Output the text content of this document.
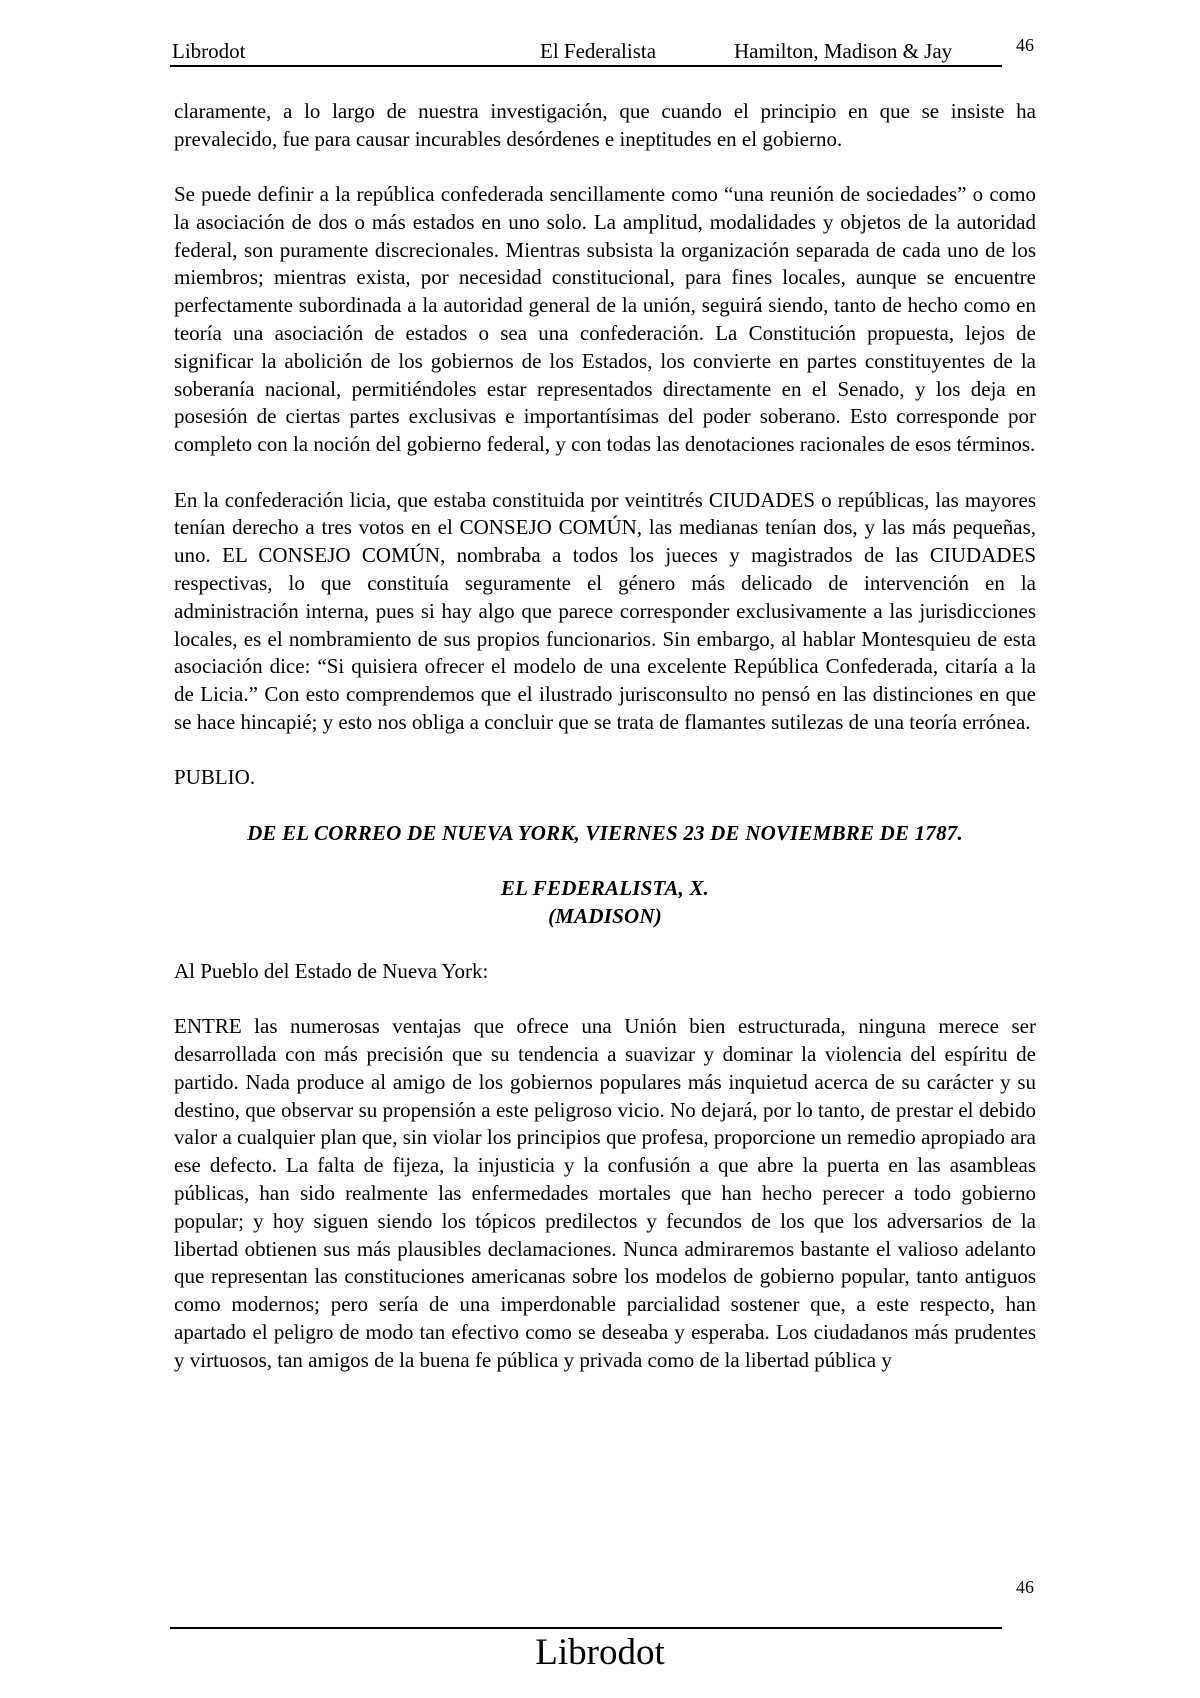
Librodot	El Federalista	Hamilton, Madison & Jay	46

claramente, a lo largo de nuestra investigación, que cuando el principio en que se insiste ha prevalecido, fue para causar incurables desórdenes e ineptitudes en el gobierno.

Se puede definir a la república confederada sencillamente como “una reunión de sociedades” o como la asociación de dos o más estados en uno solo. La amplitud, modalidades y objetos de la autoridad federal, son puramente discrecionales. Mientras subsista la organización separada de cada uno de los miembros; mientras exista, por necesidad constitucional, para fines locales, aunque se encuentre perfectamente subordinada a la autoridad general de la unión, seguirá siendo, tanto de hecho como en teoría una asociación de estados o sea una confederación. La Constitución propuesta, lejos de significar la abolición de los gobiernos de los Estados, los convierte en partes constituyentes de la soberanía nacional, permitiéndoles estar representados directamente en el Senado, y los deja en posesión de ciertas partes exclusivas e importantísimas del poder soberano. Esto corresponde por completo con la noción del gobierno federal, y con todas las denotaciones racionales de esos términos.

En la confederación licia, que estaba constituida por veintitrés CIUDADES o repúblicas, las mayores tenían derecho a tres votos en el CONSEJO COMÚN, las medianas tenían dos, y las más pequeñas, uno. EL CONSEJO COMÚN, nombraba a todos los jueces y magistrados de las CIUDADES respectivas, lo que constituía seguramente el género más delicado de intervención en la administración interna, pues si hay algo que parece corresponder exclusivamente a las jurisdicciones locales, es el nombramiento de sus propios funcionarios. Sin embargo, al hablar Montesquieu de esta asociación dice: “Si quisiera ofrecer el modelo de una excelente República Confederada, citaría a la de Licia.” Con esto comprendemos que el ilustrado jurisconsulto no pensó en las distinciones en que se hace hincapié; y esto nos obliga a concluir que se trata de flamantes sutilezas de una teoría errónea.

PUBLIO.

DE EL CORREO DE NUEVA YORK, VIERNES 23 DE NOVIEMBRE DE 1787.

EL FEDERALISTA, X.
(MADISON)

Al Pueblo del Estado de Nueva York:

ENTRE las numerosas ventajas que ofrece una Unión bien estructurada, ninguna merece ser desarrollada con más precisión que su tendencia a suavizar y dominar la violencia del espíritu de partido. Nada produce al amigo de los gobiernos populares más inquietud acerca de su carácter y su destino, que observar su propensión a este peligroso vicio. No dejará, por lo tanto, de prestar el debido valor a cualquier plan que, sin violar los principios que profesa, proporcione un remedio apropiado ara ese defecto. La falta de fijeza, la injusticia y la confusión a que abre la puerta en las asambleas públicas, han sido realmente las enfermedades mortales que han hecho perecer a todo gobierno popular; y hoy siguen siendo los tópicos predilectos y fecundos de los que los adversarios de la libertad obtienen sus más plausibles declamaciones. Nunca admiraremos bastante el valioso adelanto que representan las constituciones americanas sobre los modelos de gobierno popular, tanto antiguos como modernos; pero sería de una imperdonable parcialidad sostener que, a este respecto, han apartado el peligro de modo tan efectivo como se deseaba y esperaba. Los ciudadanos más prudentes y virtuosos, tan amigos de la buena fe pública y privada como de la libertad pública y

46
Librodot
